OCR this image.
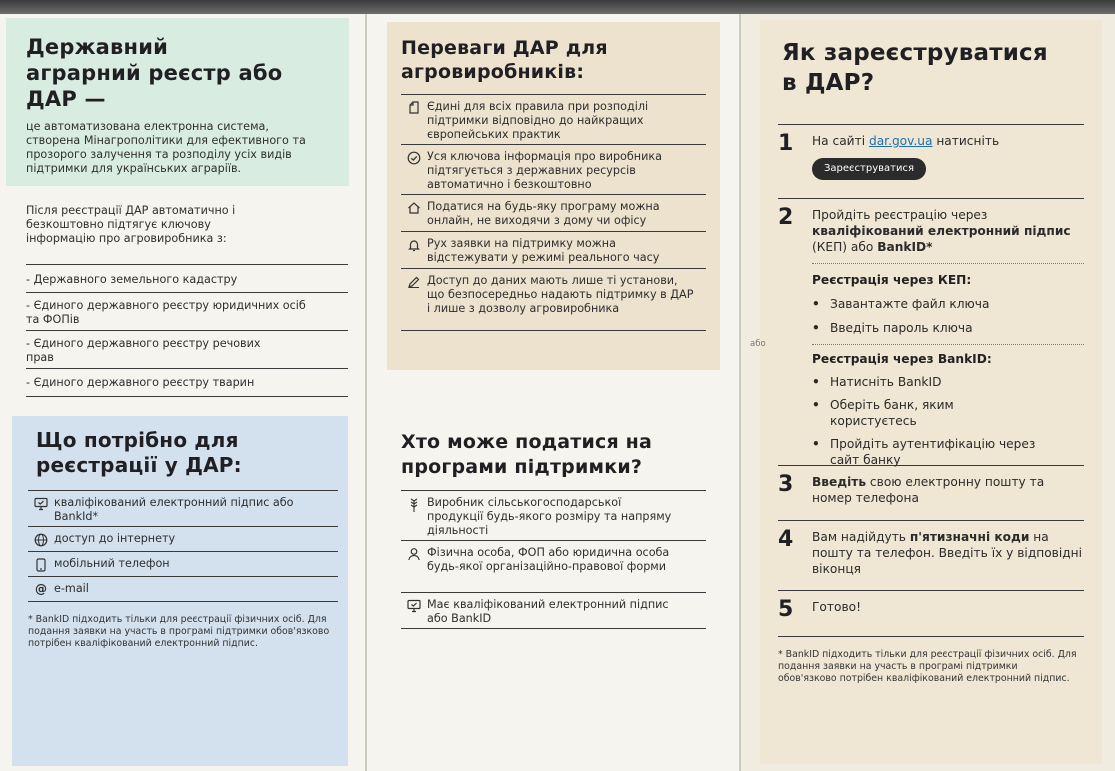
Державний аграрний реєстр або ДАР —
це автоматизована електронна система, створена Мінагрополітики для ефективного та прозорого залучення та розподілу усіх видів підтримки для українських аграріїв.
Після реєстрації ДАР автоматично і безкоштовно підтягує ключову інформацію про агровиробника з:
- Державного земельного кадастру
- Єдиного державного реєстру юридичних осіб та ФОПів
- Єдиного державного реєстру речових прав
- Єдиного державного реєстру тварин
Що потрібно для реєстрації у ДАР:
кваліфікований електронний підпис або BankId*
доступ до інтернету
мобільний телефон
@ e-mail
* BankID підходить тільки для реєстрації фізичних осіб. Для подання заявки на участь в програмі підтримки обов'язково потрібен кваліфікований електронний підпис.
Переваги ДАР для агровиробників:
Єдині для всіх правила при розподілі підтримки відповідно до найкращих європейських практик
Уся ключова інформація про виробника підтягується з державних ресурсів автоматично і безкоштовно
Податися на будь-яку програму можна онлайн, не виходячи з дому чи офісу
Рух заявки на підтримку можна відстежувати у режимі реального часу
Доступ до даних мають лише ті установи, що безпосередньо надають підтримку в ДАР і лише з дозволу агровиробника
Хто може податися на програми підтримки?
Виробник сільськогосподарської продукції будь-якого розміру та напряму діяльності
Фізична особа, ФОП або юридична особа будь-якої організаційно-правової форми
Має кваліфікований електронний підпис або BankID
Як зареєструватися в ДАР?
1	На сайті dar.gov.ua натисніть
Зареєструватися
2	Пройдіть реєстрацію через кваліфікований електронний підпис (КЕП) або BankID*
Реєстрація через КЕП:
• Завантажте файл ключа
• Введіть пароль ключа
або
Реєстрація через BankID:
• Натисніть BankID
• Оберіть банк, яким користуєтесь
• Пройдіть аутентифікацію через сайт банку
3	Введіть свою електронну пошту та номер телефона
4	Вам надійдуть п'ятизначні коди на пошту та телефон. Введіть їх у відповідні віконця
5	Готово!
* BankID підходить тільки для реєстрації фізичних осіб. Для подання заявки на участь в програмі підтримки обов'язково потрібен кваліфікований електронний підпис.
